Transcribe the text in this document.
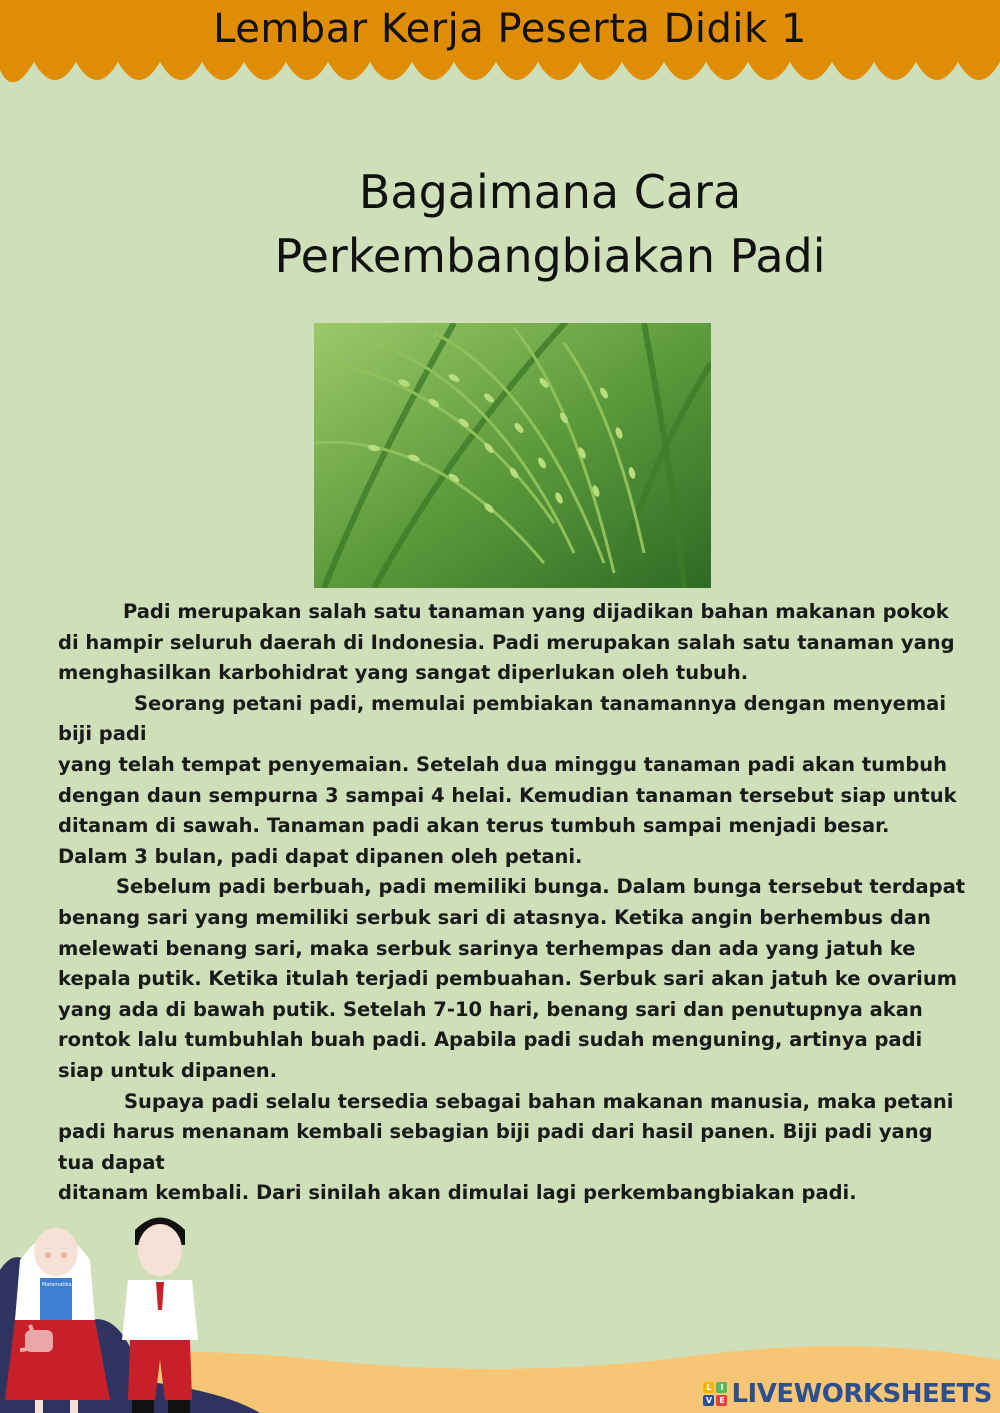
Lembar Kerja Peserta Didik 1
Bagaimana Cara
Perkembangbiakan Padi

Padi merupakan salah satu tanaman yang dijadikan bahan makanan pokok
di hampir seluruh daerah di Indonesia. Padi merupakan salah satu tanaman yang
menghasilkan karbohidrat yang sangat diperlukan oleh tubuh.

Seorang petani padi, memulai pembiakan tanamannya dengan menyemai
biji padi
yang telah tempat penyemaian. Setelah dua minggu tanaman padi akan tumbuh
dengan daun sempurna 3 sampai 4 helai. Kemudian tanaman tersebut siap untuk
ditanam di sawah. Tanaman padi akan terus tumbuh sampai menjadi besar.
Dalam 3 bulan, padi dapat dipanen oleh petani.

Sebelum padi berbuah, padi memiliki bunga. Dalam bunga tersebut terdapat
benang sari yang memiliki serbuk sari di atasnya. Ketika angin berhembus dan
melewati benang sari, maka serbuk sarinya terhempas dan ada yang jatuh ke
kepala putik. Ketika itulah terjadi pembuahan. Serbuk sari akan jatuh ke ovarium
yang ada di bawah putik. Setelah 7-10 hari, benang sari dan penutupnya akan
rontok lalu tumbuhlah buah padi. Apabila padi sudah menguning, artinya padi
siap untuk dipanen.

Supaya padi selalu tersedia sebagai bahan makanan manusia, maka petani
padi harus menanam kembali sebagian biji padi dari hasil panen. Biji padi yang
tua dapat
ditanam kembali. Dari sinilah akan dimulai lagi perkembangbiakan padi.

Matematika
L	I
V E LIVEWORKSHEETS
